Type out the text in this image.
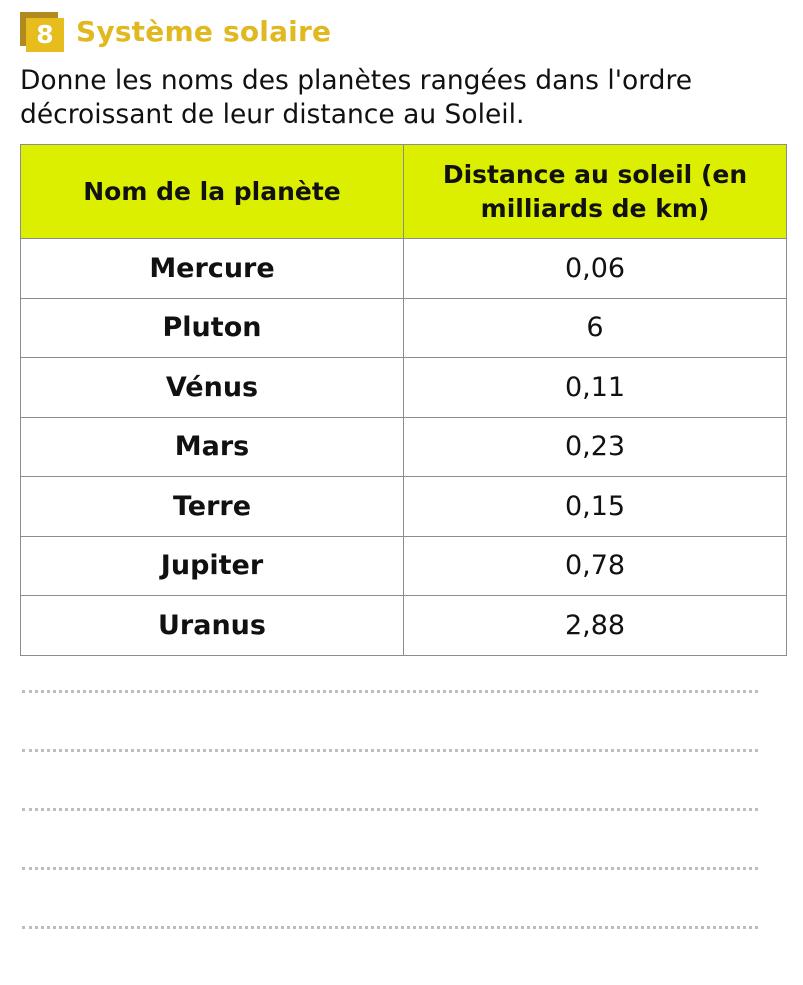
8 Système solaire
Donne les noms des planètes rangées dans l'ordre décroissant de leur distance au Soleil.
Nom de la planète	Distance au soleil (en milliards de km)
Mercure	0,06
Pluton	6
Vénus	0,11
Mars	0,23
Terre	0,15
Jupiter	0,78
Uranus	2,88
